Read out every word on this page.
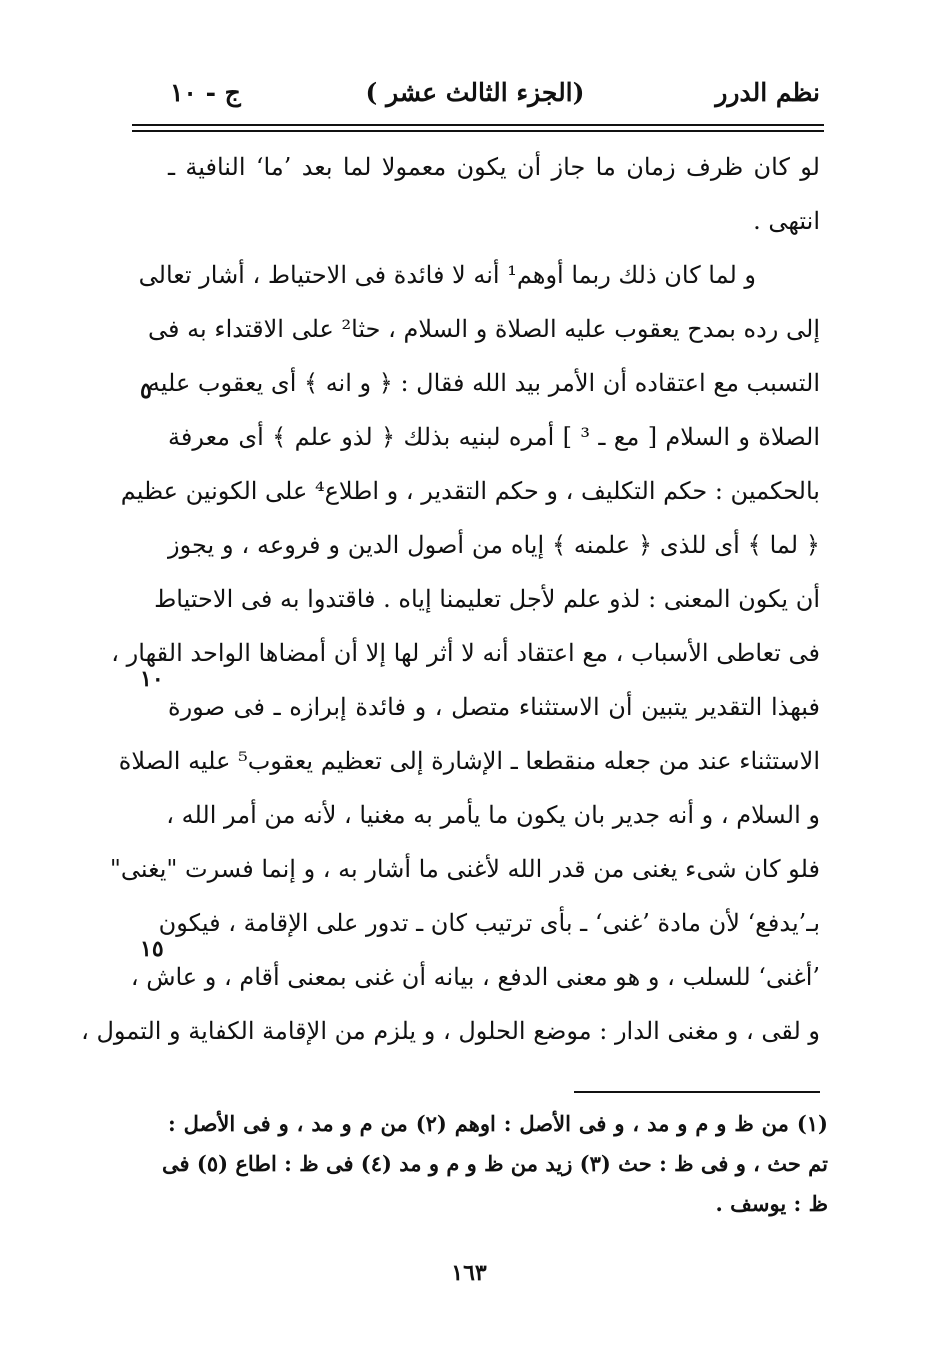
نظم الدرر
(الجزء الثالث عشر )
ج - ١٠
لو كان ظرف زمان ما جاز أن يكون معمولا لما بعد ’ما‘ النافية ـ
انتهى .
و لما كان ذلك ربما أوهم¹ أنه لا فائدة فى الاحتياط ، أشار تعالى
إلى رده بمدح يعقوب عليه الصلاة و السلام ، حثا² على الاقتداء به فى
التسبب مع اعتقاده أن الأمر بيد الله فقال : ﴿ و انه ﴾ أى يعقوب عليه
الصلاة و السلام [ مع ـ ³ ] أمره لبنيه بذلك ﴿ لذو علم ﴾ أى معرفة
بالحكمين : حكم التكليف ، و حكم التقدير ، و اطلاع⁴ على الكونين عظيم
﴿ لما ﴾ أى للذى ﴿ علمنه ﴾ إياه من أصول الدين و فروعه ، و يجوز
أن يكون المعنى : لذو علم لأجل تعليمنا إياه . فاقتدوا به فى الاحتياط
فى تعاطى الأسباب ، مع اعتقاد أنه لا أثر لها إلا أن أمضاها الواحد القهار ،
فبهذا التقدير يتبين أن الاستثناء متصل ، و فائدة إبرازه ـ فى صورة
الاستثناء عند من جعله منقطعا ـ الإشارة إلى تعظيم يعقوب⁵ عليه الصلاة
و السلام ، و أنه جدير بان يكون ما يأمر به مغنيا ، لأنه من أمر الله ،
فلو كان شىء يغنى من قدر الله لأغنى ما أشار به ، و إنما فسرت "يغنى"
بـ’يدفع‘ لأن مادة ’غنى‘ ـ بأى ترتيب كان ـ تدور على الإقامة ، فيكون
’أغنى‘ للسلب ، و هو معنى الدفع ، بيانه أن غنى بمعنى أقام ، و عاش ،
و لقى ، و مغنى الدار : موضع الحلول ، و يلزم من الإقامة الكفاية و التمول ،
٥
١٠
١٥
(١) من ظ و م و مد ، و فى الأصل : اوهم (٢) من م و مد ، و فى الأصل :
تم حث ، و فى ظ : حث (٣) زيد من ظ و م و مد (٤) فى ظ : اطاع (٥) فى
ظ : يوسف .
١٦٣
